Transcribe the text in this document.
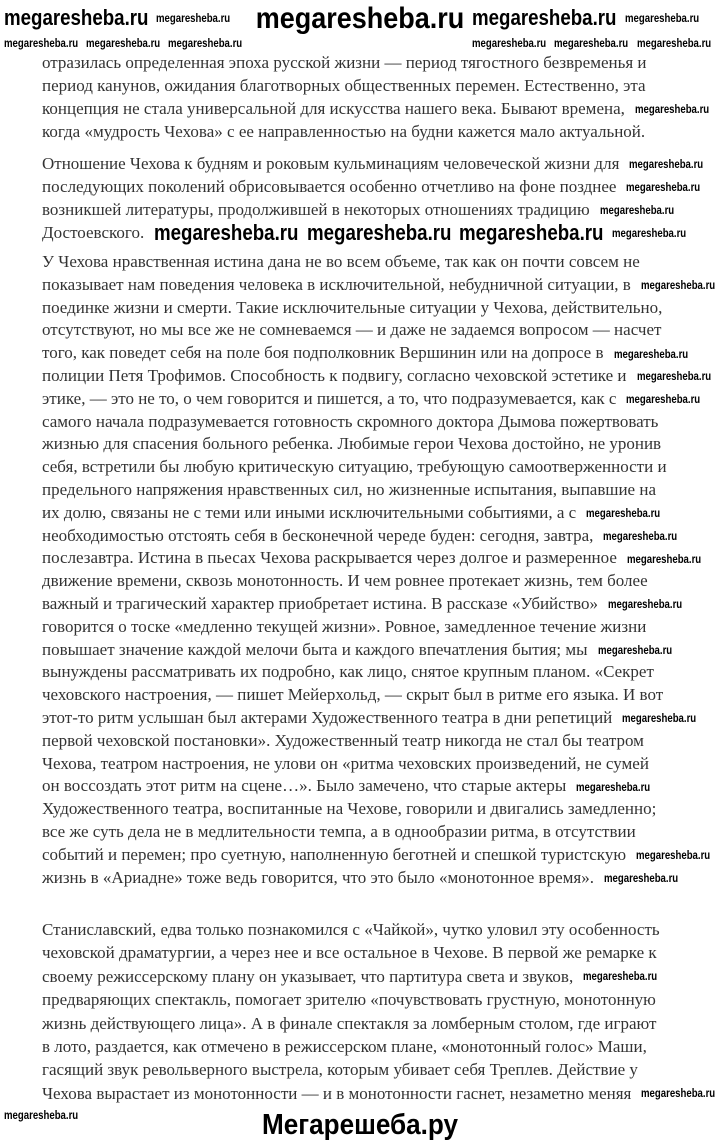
megaresheba.ru
отразилась определенная эпоха русской жизни — период тягостного безвременья и
период канунов, ожидания благотворных общественных перемен. Естественно, эта
концепция не стала универсальной для искусства нашего века. Бывают времена,
когда «мудрость Чехова» с ее направленностью на будни кажется мало актуальной.
Отношение Чехова к будням и роковым кульминациям человеческой жизни для
последующих поколений обрисовывается особенно отчетливо на фоне позднее
возникшей литературы, продолжившей в некоторых отношениях традицию
Достоевского.
У Чехова нравственная истина дана не во всем объеме, так как он почти совсем не
показывает нам поведения человека в исключительной, небудничной ситуации, в
поединке жизни и смерти. Такие исключительные ситуации у Чехова, действительно,
отсутствуют, но мы все же не сомневаемся — и даже не задаемся вопросом — насчет
того, как поведет себя на поле боя подполковник Вершинин или на допросе в
полиции Петя Трофимов. Способность к подвигу, согласно чеховской эстетике и
этике, — это не то, о чем говорится и пишется, а то, что подразумевается, как с
самого начала подразумевается готовность скромного доктора Дымова пожертвовать
жизнью для спасения больного ребенка. Любимые герои Чехова достойно, не уронив
себя, встретили бы любую критическую ситуацию, требующую самоотверженности и
предельного напряжения нравственных сил, но жизненные испытания, выпавшие на
их долю, связаны не с теми или иными исключительными событиями, а с
необходимостью отстоять себя в бесконечной череде буден: сегодня, завтра,
послезавтра. Истина в пьесах Чехова раскрывается через долгое и размеренное
движение времени, сквозь монотонность. И чем ровнее протекает жизнь, тем более
важный и трагический характер приобретает истина. В рассказе «Убийство»
говорится о тоске «медленно текущей жизни». Ровное, замедленное течение жизни
повышает значение каждой мелочи быта и каждого впечатления бытия; мы
вынуждены рассматривать их подробно, как лицо, снятое крупным планом. «Секрет
чеховского настроения, — пишет Мейерхольд, — скрыт был в ритме его языка. И вот
этот-то ритм услышан был актерами Художественного театра в дни репетиций
первой чеховской постановки». Художественный театр никогда не стал бы театром
Чехова, театром настроения, не улови он «ритма чеховских произведений, не сумей
он воссоздать этот ритм на сцене…». Было замечено, что старые актеры
Художественного театра, воспитанные на Чехове, говорили и двигались замедленно;
все же суть дела не в медлительности темпа, а в однообразии ритма, в отсутствии
событий и перемен; про суетную, наполненную беготней и спешкой туристскую
жизнь в «Ариадне» тоже ведь говорится, что это было «монотонное время».
Станиславский, едва только познакомился с «Чайкой», чутко уловил эту особенность
чеховской драматургии, а через нее и все остальное в Чехове. В первой же ремарке к
своему режиссерскому плану он указывает, что партитура света и звуков,
предваряющих спектакль, помогает зрителю «почувствовать грустную, монотонную
жизнь действующего лица». А в финале спектакля за ломберным столом, где играют
в лото, раздается, как отмечено в режиссерском плане, «монотонный голос» Маши,
гасящий звук револьверного выстрела, которым убивает себя Треплев. Действие у
Чехова вырастает из монотонности — и в монотонности гаснет, незаметно меняя
megaresheba.ru	megaresheba.ru
megaresheba.ru megaresheba.ru megaresheba.ru
megaresheba.ru	megaresheba.ru
megaresheba.ru megaresheba.ru megaresheba.ru	megaresheba.ru megaresheba.ru megaresheba.ru
megaresheba.ru
megaresheba.ru
megaresheba.ru
megaresheba.ru
megaresheba.ru
megaresheba.ru
megaresheba.ru
megaresheba.ru
megaresheba.ru
megaresheba.ru
megaresheba.ru
megaresheba.ru
megaresheba.ru
megaresheba.ru
megaresheba.ru
megaresheba.ru
megaresheba.ru
megaresheba.ru
megaresheba.ru
megaresheba.ru
megaresheba.ru	Мегарешеба.ру
